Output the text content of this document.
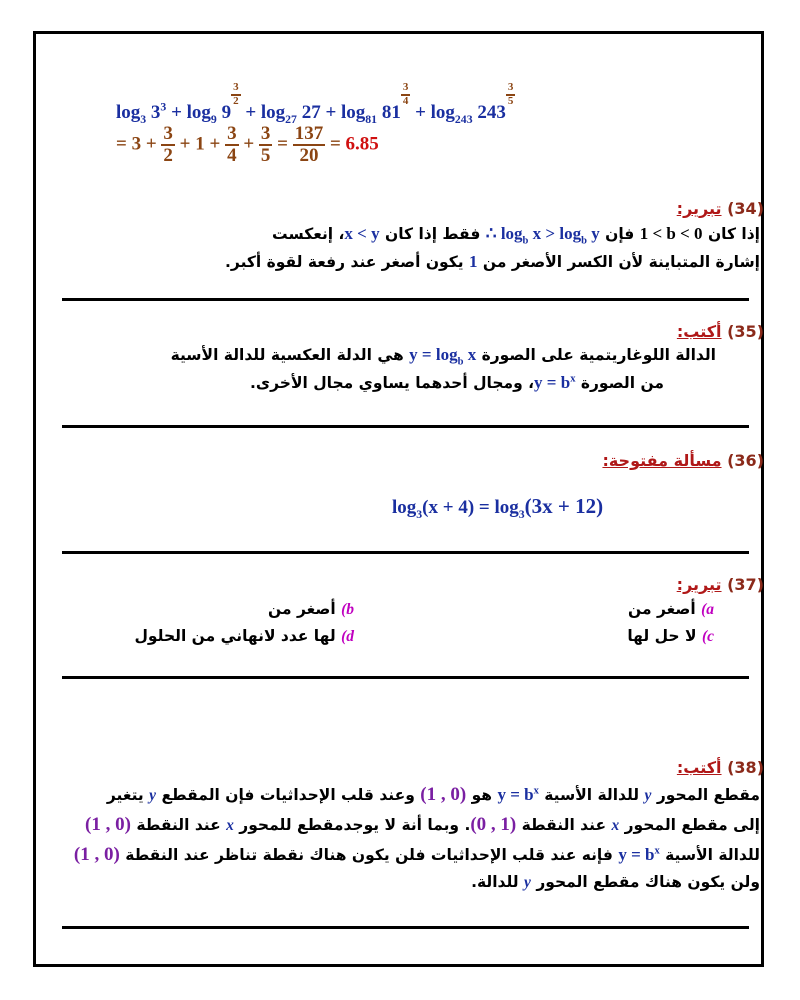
$\log_3 3^3 + \log_9 9$
$\frac{3}{2}$
+ $\log_{27} 27 + \log_{81} 81$
$\frac{3}{4}$
+ $\log_{243} 243$
$\frac{3}{5}$
= $3 + \frac{3}{2} + 1 + \frac{3}{4} + \frac{3}{5} = \frac{137}{20} = 6.85$
(34) تبرير:
إذا كان 1 < b < 0 فإن ∴ $\log_b x > \log_b y$ فقط إذا كان x < y، إنعكست
إشارة المتباينة لأن الكسر الأصغر من 1 يكون أصغر عند رفعة لقوة أكبر.
(35) أكتب:
الدالة اللوغاريتمية على الصورة $y = \log_b x$ هي الدلة العكسية للدالة الأسية
من الصورة $y = b^x،$ ومجال أحدهما يساوي مجال الأخرى.
(36) مسألة مفتوحة:
$\log_3(x + 4) = \log_3(3x + 12)$
(37) تبرير:
a) أصغر من
b) أصغر من
c) لا حل لها
d) لها عدد لانهاني من الحلول
(38) أكتب:
مقطع المحور y للدالة الأسية $y = b^x$ هو (1 , 0) وعند قلب الإحداثيات فإن المقطع y يتغير
إلى مقطع المحور x عند النقطة (0 , 1). وبما أنة لا يوجدمقطع للمحور x عند النقطة (1 , 0)
للدالة الأسية $y = b^x$ فإنه عند قلب الإحداثيات فلن يكون هناك نقطة تناظر عند النقطة (1 , 0)
ولن يكون هناك مقطع المحور y للدالة.
